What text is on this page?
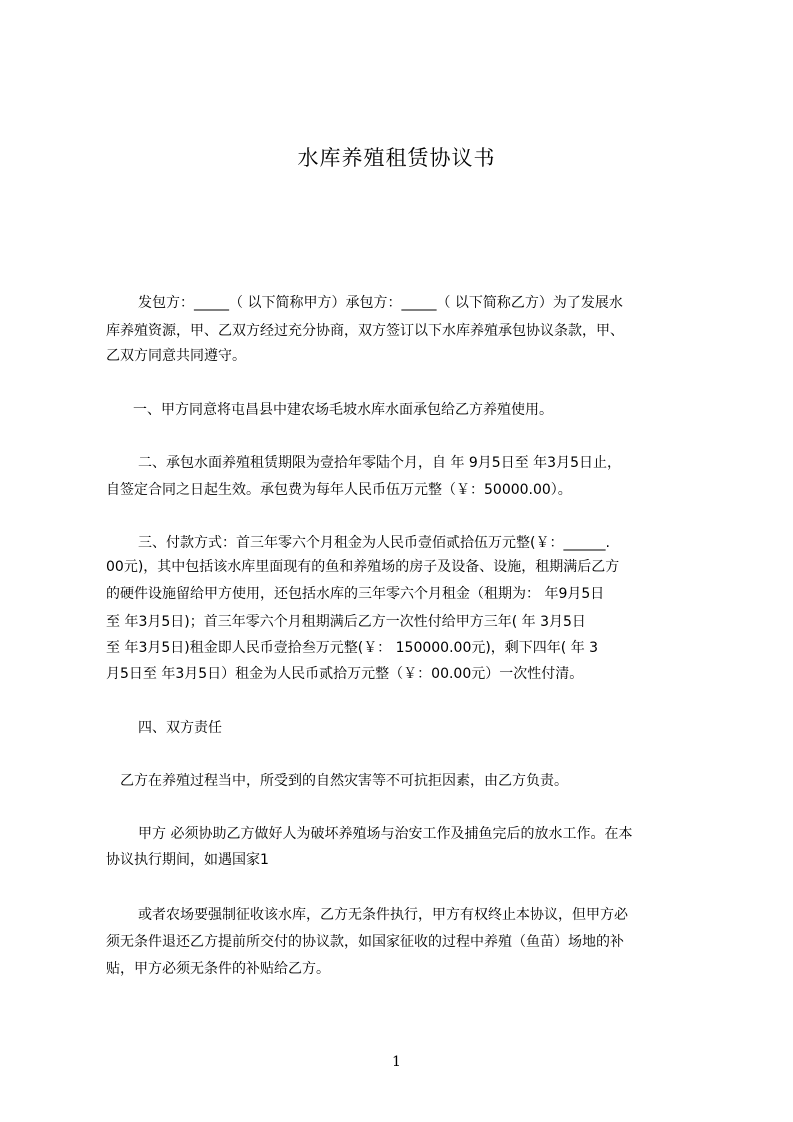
水库养殖租赁协议书
发包方：_____（ 以下简称甲方）承包方：_____（ 以下简称乙方）为了发展水
库养殖资源，甲、乙双方经过充分协商，双方签订以下水库养殖承包协议条款，甲、
乙双方同意共同遵守。
一、甲方同意将屯昌县中建农场毛坡水库水面承包给乙方养殖使用。
二、承包水面养殖租赁期限为壹拾年零陆个月，自 年 9月5日至 年3月5日止，
自签定合同之日起生效。承包费为每年人民币伍万元整（￥：50000.00）。
三、付款方式：首三年零六个月租金为人民币壹佰贰拾伍万元整(￥：______.
00元)，其中包括该水库里面现有的鱼和养殖场的房子及设备、设施，租期满后乙方
的硬件设施留给甲方使用，还包括水库的三年零六个月租金（租期为： 年9月5日
至 年3月5日)；首三年零六个月租期满后乙方一次性付给甲方三年( 年 3月5日
至 年3月5日)租金即人民币壹拾叁万元整(￥： 150000.00元)，剩下四年( 年 3
月5日至 年3月5日）租金为人民币贰拾万元整（￥：00.00元）一次性付清。
四、双方责任
乙方在养殖过程当中，所受到的自然灾害等不可抗拒因素，由乙方负责。
甲方 必须协助乙方做好人为破坏养殖场与治安工作及捕鱼完后的放水工作。在本
协议执行期间，如遇国家1
或者农场要强制征收该水库，乙方无条件执行，甲方有权终止本协议，但甲方必
须无条件退还乙方提前所交付的协议款，如国家征收的过程中养殖（鱼苗）场地的补
贴，甲方必须无条件的补贴给乙方。
1
